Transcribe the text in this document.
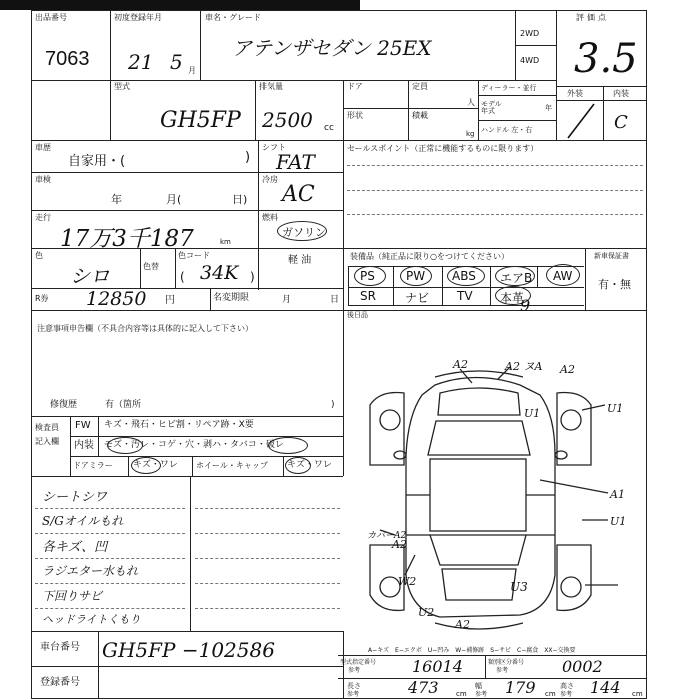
出品番号
7063
初度登録年月
21 5 月
車名・グレード
アテンザセダン 25EX
2WD
4WD
評価点
3.5
外装	内装
C
型式
GH5FP
排気量
2500 cc
ドア
形状
定員
人
積載
kg
ディーラー・並行
モデル年式	年
ハンドル 左・右
車歴
自家用・(	)
シフト
FAT
車検
年	月(	日)
冷房
AC
走行
17万3千187	km
燃料
ガソリン
軽 油
色
シロ	色替
色コード
34K
(	)
R券 12850 円	名変期限	月	日
セールスポイント（正常に機能するものに限ります）
装備品（純正品に限り○をつけてください）	新車保証書
有・無
PS	PW ABS エアB AW
SR ナビ TV 本革
9
後日品
注意事項申告欄（不具合内容等は具体的に記入して下さい）
修復歴	有（箇所	)
検査員
記入欄
FW キズ・飛石・ヒビ割・リペア跡・X要
内装 モズ・汚レ・コゲ・穴・剥ハ・タバコ・破レ
ドアミラー キズ・ワレ ホイール・キャップ キズ・ワレ
シートシワ
S/Gオイルもれ
各キズ、凹
ラジエター水もれ
下回りサビ
ヘッドライトくもり
A2	A2 ヌA A2
U1	U1
U1
A1
カバーA2
W2
U2
U3
A2
A2
A−キズ　E−エクボ　U−凹み　W−補修跡　S−サビ　C−腐食　XX−交換要
車台番号 GH5FP −102586
登録番号
型式指定番号
参考	16014	類別区分番号
参考	0002
長さ
参考	473 cm
幅
参考 179 cm
高さ
参考 144 cm
